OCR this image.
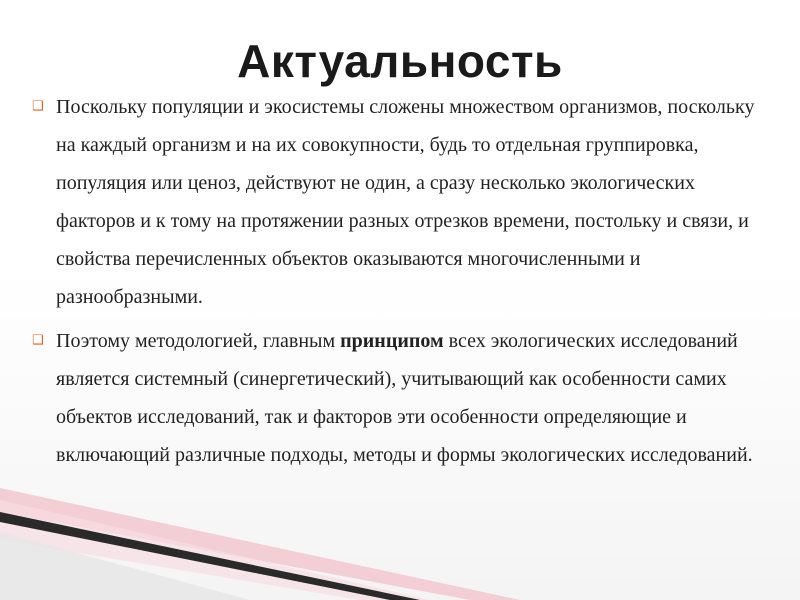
Актуальность
❑ Поскольку популяции и экосистемы сложены множеством организмов, поскольку на каждый организм и на их совокупности, будь то отдельная группировка, популяция или ценоз, действуют не один, а сразу несколько экологических факторов и к тому на протяжении разных отрезков времени, постольку и связи, и свойства перечисленных объектов оказываются многочисленными и разнообразными.
❑ Поэтому методологией, главным принципом всех экологических исследований является системный (синергетический), учитывающий как особенности самих объектов исследований, так и факторов эти особенности определяющие и включающий различные подходы, методы и формы экологических исследований.
